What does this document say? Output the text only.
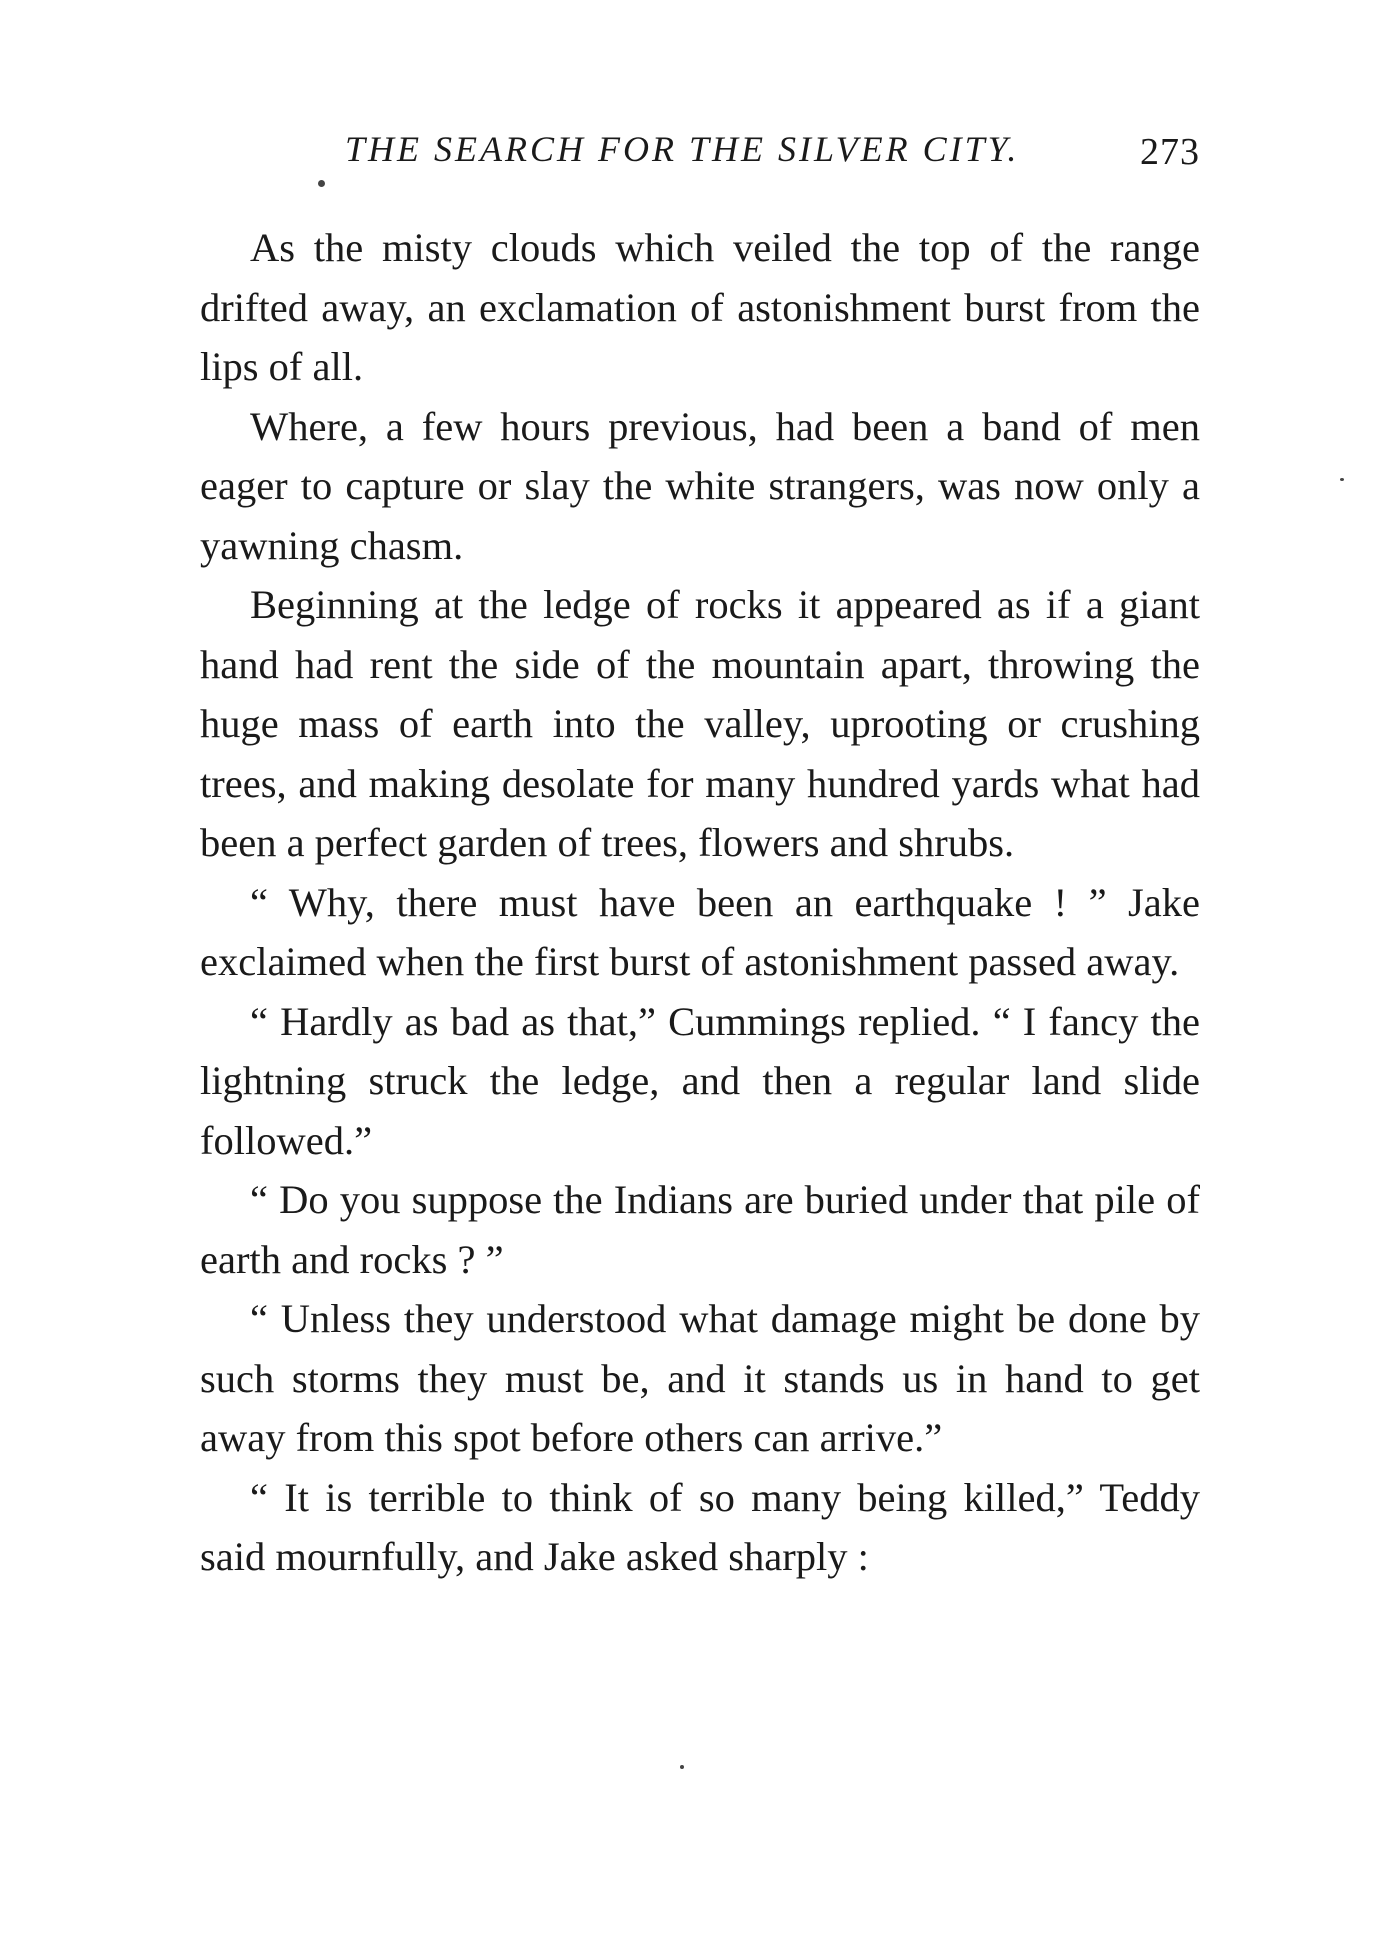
THE SEARCH FOR THE SILVER CITY.	273

As the misty clouds which veiled the top of the range drifted away, an exclamation of astonishment burst from the lips of all.

Where, a few hours previous, had been a band of men eager to capture or slay the white strangers, was now only a yawning chasm.

Beginning at the ledge of rocks it appeared as if a giant hand had rent the side of the mountain apart, throwing the huge mass of earth into the valley, uprooting or crushing trees, and making desolate for many hundred yards what had been a perfect garden of trees, flowers and shrubs.

“ Why, there must have been an earthquake ! ” Jake exclaimed when the first burst of astonishment passed away.

“ Hardly as bad as that,” Cummings replied. “ I fancy the lightning struck the ledge, and then a regular land slide followed.”

“ Do you suppose the Indians are buried under that pile of earth and rocks ? ”

“ Unless they understood what damage might be done by such storms they must be, and it stands us in hand to get away from this spot before others can arrive.”

“ It is terrible to think of so many being killed,” Teddy said mournfully, and Jake asked sharply :
